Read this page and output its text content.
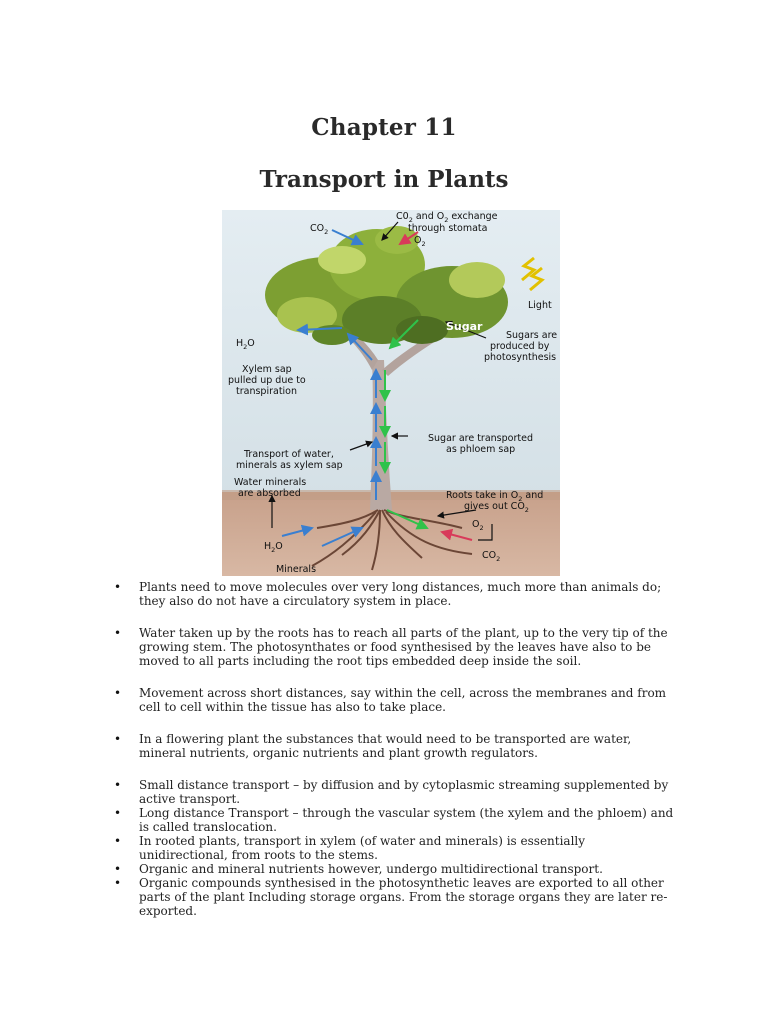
Chapter 11
Transport in Plants
$CO_2$
$C0_2$ and $O_2$ exchange
through stomata
$O_2$
Light
Sugar
Sugars are
produced by
photosynthesis
$H_2O$
Xylem sap
pulled up due to
transpiration
Sugar are transported
as phloem sap
Transport of water,
minerals as xylem sap
Water minerals
are absorbed	Roots take in $O_2$ and
gives out $CO_2$
$O_2$
$CO_2$
$H_2O$
Minerals
• Plants need to move molecules over very long distances, much more than animals do; they also do not have a circulatory system in place.
• Water taken up by the roots has to reach all parts of the plant, up to the very tip of the growing stem. The photosynthates or food synthesised by the leaves have also to be moved to all parts including the root tips embedded deep inside the soil.
• Movement across short distances, say within the cell, across the membranes and from cell to cell within the tissue has also to take place.
• In a flowering plant the substances that would need to be transported are water, mineral nutrients, organic nutrients and plant growth regulators.
• Small distance transport – by diffusion and by cytoplasmic streaming supplemented by active transport.
• Long distance Transport – through the vascular system (the xylem and the phloem) and is called translocation.
• In rooted plants, transport in xylem (of water and minerals) is essentially unidirectional, from roots to the stems.
• Organic and mineral nutrients however, undergo multidirectional transport.
• Organic compounds synthesised in the photosynthetic leaves are exported to all other parts of the plant Including storage organs. From the storage organs they are later re-exported.
